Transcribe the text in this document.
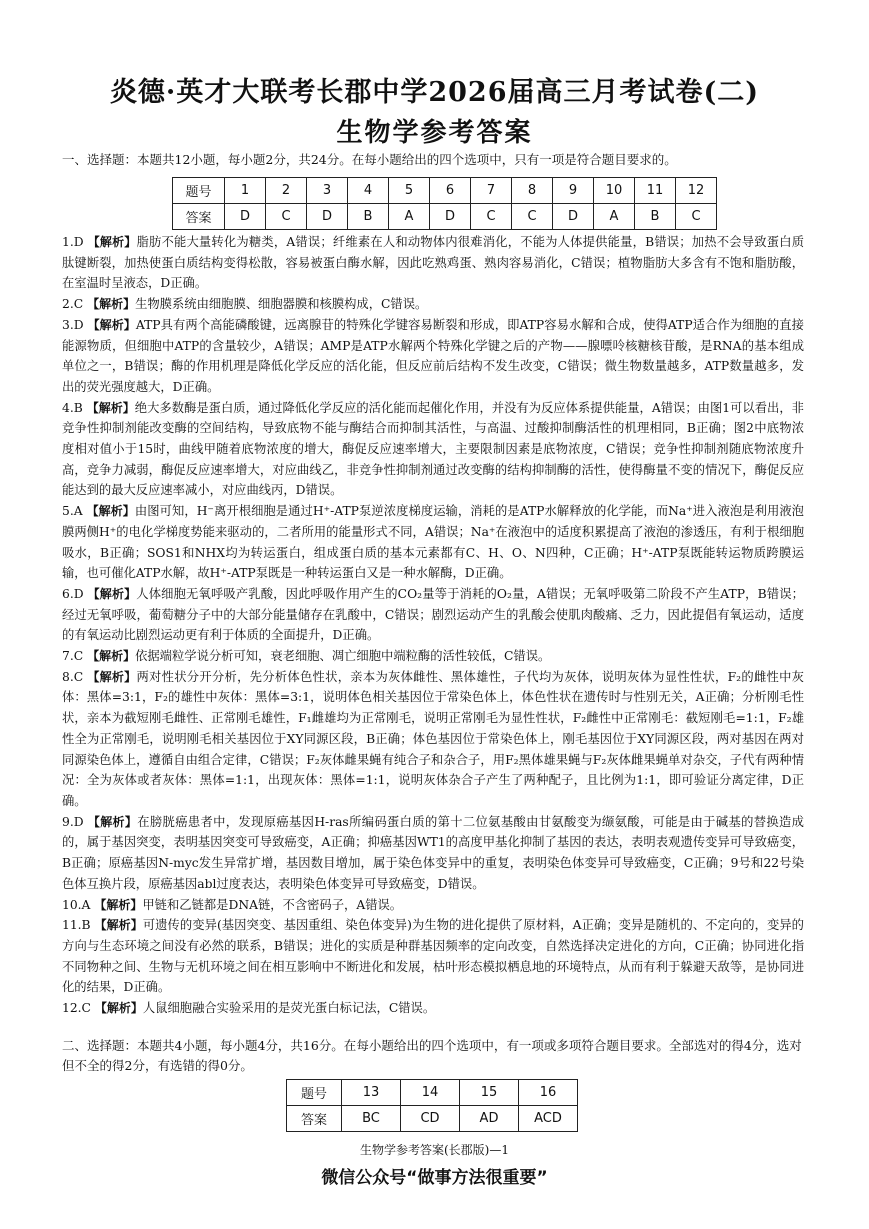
炎德·英才大联考长郡中学2026届高三月考试卷(二)
生物学参考答案
一、选择题：本题共12小题，每小题2分，共24分。在每小题给出的四个选项中，只有一项是符合题目要求的。
题号	1	2	3	4	5	6	7	8	9	10	11	12
答案	D	C	D	B	A	D	C	C	D	A	B	C

1.D 【解析】脂肪不能大量转化为糖类，A错误；纤维素在人和动物体内很难消化，不能为人体提供能量，B错误；加热不会导致蛋白质肽键断裂，加热使蛋白质结构变得松散，容易被蛋白酶水解，因此吃熟鸡蛋、熟肉容易消化，C错误；植物脂肪大多含有不饱和脂肪酸，在室温时呈液态，D正确。

2.C 【解析】生物膜系统由细胞膜、细胞器膜和核膜构成，C错误。

3.D 【解析】ATP具有两个高能磷酸键，远离腺苷的特殊化学键容易断裂和形成，即ATP容易水解和合成，使得ATP适合作为细胞的直接能源物质，但细胞中ATP的含量较少，A错误；AMP是ATP水解两个特殊化学键之后的产物——腺嘌呤核糖核苷酸，是RNA的基本组成单位之一，B错误；酶的作用机理是降低化学反应的活化能，但反应前后结构不发生改变，C错误；微生物数量越多，ATP数量越多，发出的荧光强度越大，D正确。

4.B 【解析】绝大多数酶是蛋白质，通过降低化学反应的活化能而起催化作用，并没有为反应体系提供能量，A错误；由图1可以看出，非竞争性抑制剂能改变酶的空间结构，导致底物不能与酶结合而抑制其活性，与高温、过酸抑制酶活性的机理相同，B正确；图2中底物浓度相对值小于15时，曲线甲随着底物浓度的增大，酶促反应速率增大，主要限制因素是底物浓度，C错误；竞争性抑制剂随底物浓度升高，竞争力减弱，酶促反应速率增大，对应曲线乙，非竞争性抑制剂通过改变酶的结构抑制酶的活性，使得酶量不变的情况下，酶促反应能达到的最大反应速率减小，对应曲线丙，D错误。

5.A 【解析】由图可知，H⁻离开根细胞是通过H⁺-ATP泵逆浓度梯度运输，消耗的是ATP水解释放的化学能，而Na⁺进入液泡是利用液泡膜两侧H⁺的电化学梯度势能来驱动的，二者所用的能量形式不同，A错误；Na⁺在液泡中的适度积累提高了液泡的渗透压，有利于根细胞吸水，B正确；SOS1和NHX均为转运蛋白，组成蛋白质的基本元素都有C、H、O、N四种，C正确；H⁺-ATP泵既能转运物质跨膜运输，也可催化ATP水解，故H⁺-ATP泵既是一种转运蛋白又是一种水解酶，D正确。

6.D 【解析】人体细胞无氧呼吸产乳酸，因此呼吸作用产生的CO₂量等于消耗的O₂量，A错误；无氧呼吸第二阶段不产生ATP，B错误；经过无氧呼吸，葡萄糖分子中的大部分能量储存在乳酸中，C错误；剧烈运动产生的乳酸会使肌肉酸痛、乏力，因此提倡有氧运动，适度的有氧运动比剧烈运动更有利于体质的全面提升，D正确。

7.C 【解析】依据端粒学说分析可知，衰老细胞、凋亡细胞中端粒酶的活性较低，C错误。

8.C 【解析】两对性状分开分析，先分析体色性状，亲本为灰体雌性、黑体雄性，子代均为灰体，说明灰体为显性性状，F₂的雌性中灰体：黑体=3:1，F₂的雄性中灰体：黑体=3:1，说明体色相关基因位于常染色体上，体色性状在遗传时与性别无关，A正确；分析刚毛性状，亲本为截短刚毛雌性、正常刚毛雄性，F₁雌雄均为正常刚毛，说明正常刚毛为显性性状，F₂雌性中正常刚毛：截短刚毛=1:1，F₂雄性全为正常刚毛，说明刚毛相关基因位于XY同源区段，B正确；体色基因位于常染色体上，刚毛基因位于XY同源区段，两对基因在两对同源染色体上，遵循自由组合定律，C错误；F₂灰体雌果蝇有纯合子和杂合子，用F₂黑体雄果蝇与F₂灰体雌果蝇单对杂交，子代有两种情况：全为灰体或者灰体：黑体=1:1，出现灰体：黑体=1:1，说明灰体杂合子产生了两种配子，且比例为1:1，即可验证分离定律，D正确。

9.D 【解析】在膀胱癌患者中，发现原癌基因H-ras所编码蛋白质的第十二位氨基酸由甘氨酸变为缬氨酸，可能是由于碱基的替换造成的，属于基因突变，表明基因突变可导致癌变，A正确；抑癌基因WT1的高度甲基化抑制了基因的表达，表明表观遗传变异可导致癌变，B正确；原癌基因N-myc发生异常扩增，基因数目增加，属于染色体变异中的重复，表明染色体变异可导致癌变，C正确；9号和22号染色体互换片段，原癌基因abl过度表达，表明染色体变异可导致癌变，D错误。

10.A 【解析】甲链和乙链都是DNA链，不含密码子，A错误。

11.B 【解析】可遗传的变异(基因突变、基因重组、染色体变异)为生物的进化提供了原材料，A正确；变异是随机的、不定向的，变异的方向与生态环境之间没有必然的联系，B错误；进化的实质是种群基因频率的定向改变，自然选择决定进化的方向，C正确；协同进化指不同物种之间、生物与无机环境之间在相互影响中不断进化和发展，枯叶形态模拟栖息地的环境特点，从而有利于躲避天敌等，是协同进化的结果，D正确。

12.C 【解析】人鼠细胞融合实验采用的是荧光蛋白标记法，C错误。

二、选择题：本题共4小题，每小题4分，共16分。在每小题给出的四个选项中，有一项或多项符合题目要求。全部选对的得4分，选对但不全的得2分，有选错的得0分。
题号	13	14	15	16
答案	BC	CD	AD	ACD
生物学参考答案(长郡版)—1
微信公众号“做事方法很重要”
